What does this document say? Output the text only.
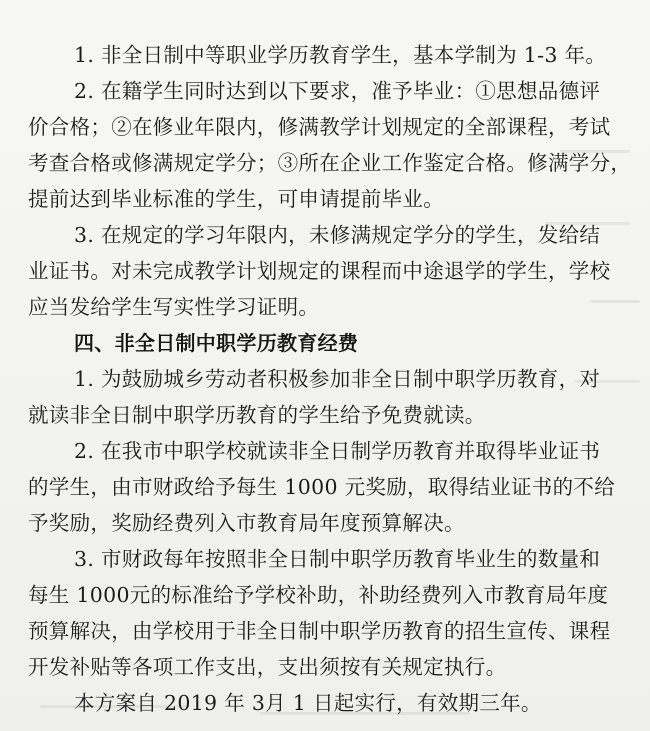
1. 非全日制中等职业学历教育学生，基本学制为 1-3 年。
2. 在籍学生同时达到以下要求，准予毕业：①思想品德评
价合格；②在修业年限内，修满教学计划规定的全部课程，考试
考查合格或修满规定学分；③所在企业工作鉴定合格。修满学分，
提前达到毕业标准的学生，可申请提前毕业。
3. 在规定的学习年限内，未修满规定学分的学生，发给结
业证书。对未完成教学计划规定的课程而中途退学的学生，学校
应当发给学生写实性学习证明。
四、非全日制中职学历教育经费
1. 为鼓励城乡劳动者积极参加非全日制中职学历教育，对
就读非全日制中职学历教育的学生给予免费就读。
2. 在我市中职学校就读非全日制学历教育并取得毕业证书
的学生，由市财政给予每生 1000 元奖励，取得结业证书的不给
予奖励，奖励经费列入市教育局年度预算解决。
3. 市财政每年按照非全日制中职学历教育毕业生的数量和
每生 1000元的标准给予学校补助，补助经费列入市教育局年度
预算解决，由学校用于非全日制中职学历教育的招生宣传、课程
开发补贴等各项工作支出，支出须按有关规定执行。
本方案自 2019 年 3月 1 日起实行，有效期三年。
